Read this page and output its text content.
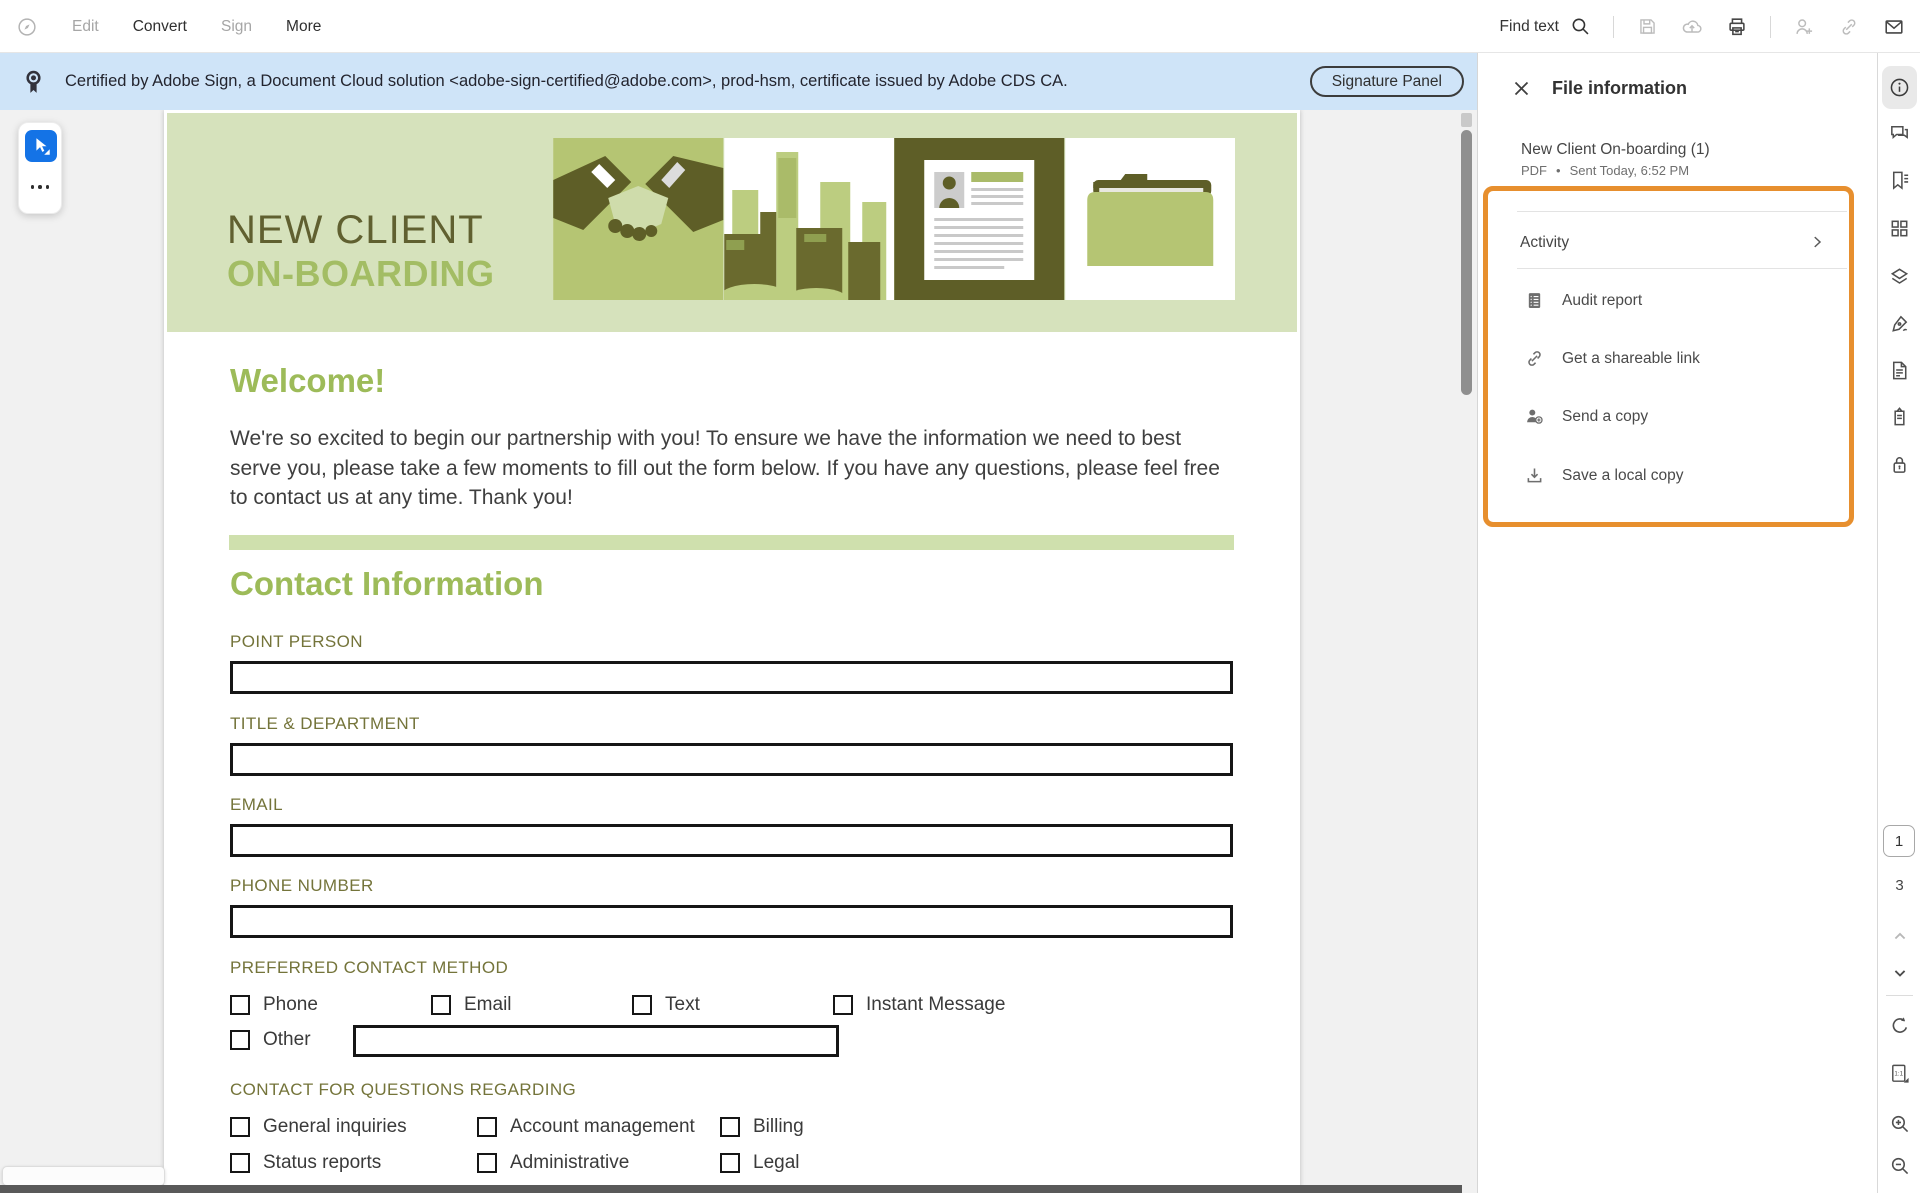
Edit Convert Sign More	Find text
Certified by Adobe Sign, a Document Cloud solution <adobe-sign-certified@adobe.com>, prod-hsm, certificate issued by Adobe CDS CA.	Signature Panel
NEW CLIENT
ON-BOARDING
Welcome!

We're so excited to begin our partnership with you! To ensure we have the information we need to best serve you, please take a few moments to fill out the form below. If you have any questions, please feel free to contact us at any time. Thank you!

Contact Information
POINT PERSON
TITLE & DEPARTMENT
EMAIL
PHONE NUMBER
PREFERRED CONTACT METHOD
Phone	Email	Text	Instant Message
Other
CONTACT FOR QUESTIONS REGARDING
General inquiries	Account management	Billing
Status reports	Administrative	Legal
File information
New Client On-boarding (1)
PDF • Sent Today, 6:52 PM
Activity
Audit report
Get a shareable link
Send a copy
Save a local copy
1
3
1:1
